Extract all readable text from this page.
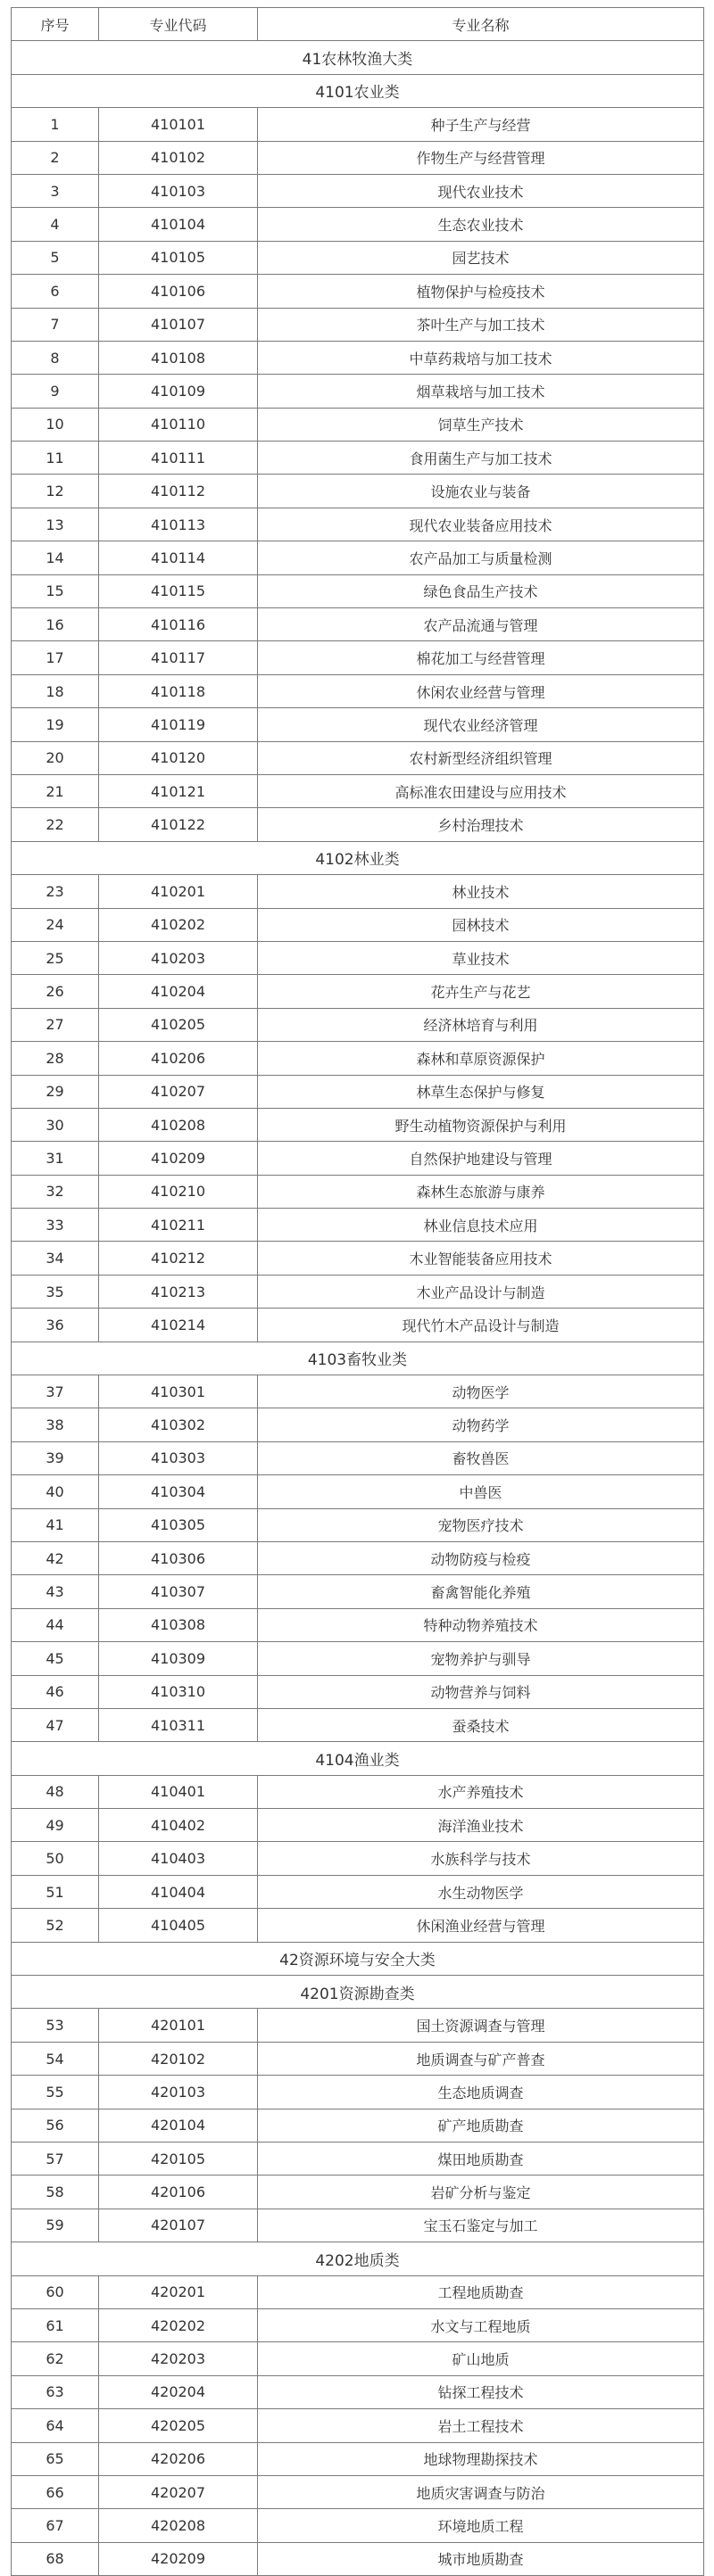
序号	专业代码	专业名称
41农林牧渔大类		
4101农业类		
1	410101	种子生产与经营
2	410102	作物生产与经营管理
3	410103	现代农业技术
4	410104	生态农业技术
5	410105	园艺技术
6	410106	植物保护与检疫技术
7	410107	茶叶生产与加工技术
8	410108	中草药栽培与加工技术
9	410109	烟草栽培与加工技术
10	410110	饲草生产技术
11	410111	食用菌生产与加工技术
12	410112	设施农业与装备
13	410113	现代农业装备应用技术
14	410114	农产品加工与质量检测
15	410115	绿色食品生产技术
16	410116	农产品流通与管理
17	410117	棉花加工与经营管理
18	410118	休闲农业经营与管理
19	410119	现代农业经济管理
20	410120	农村新型经济组织管理
21	410121	高标准农田建设与应用技术
22	410122	乡村治理技术
4102林业类		
23	410201	林业技术
24	410202	园林技术
25	410203	草业技术
26	410204	花卉生产与花艺
27	410205	经济林培育与利用
28	410206	森林和草原资源保护
29	410207	林草生态保护与修复
30	410208	野生动植物资源保护与利用
31	410209	自然保护地建设与管理
32	410210	森林生态旅游与康养
33	410211	林业信息技术应用
34	410212	木业智能装备应用技术
35	410213	木业产品设计与制造
36	410214	现代竹木产品设计与制造
4103畜牧业类		
37	410301	动物医学
38	410302	动物药学
39	410303	畜牧兽医
40	410304	中兽医
41	410305	宠物医疗技术
42	410306	动物防疫与检疫
43	410307	畜禽智能化养殖
44	410308	特种动物养殖技术
45	410309	宠物养护与驯导
46	410310	动物营养与饲料
47	410311	蚕桑技术
4104渔业类		
48	410401	水产养殖技术
49	410402	海洋渔业技术
50	410403	水族科学与技术
51	410404	水生动物医学
52	410405	休闲渔业经营与管理
42资源环境与安全大类		
4201资源勘查类		
53	420101	国土资源调查与管理
54	420102	地质调查与矿产普查
55	420103	生态地质调查
56	420104	矿产地质勘查
57	420105	煤田地质勘查
58	420106	岩矿分析与鉴定
59	420107	宝玉石鉴定与加工
4202地质类		
60	420201	工程地质勘查
61	420202	水文与工程地质
62	420203	矿山地质
63	420204	钻探工程技术
64	420205	岩土工程技术
65	420206	地球物理勘探技术
66	420207	地质灾害调查与防治
67	420208	环境地质工程
68	420209	城市地质勘查
